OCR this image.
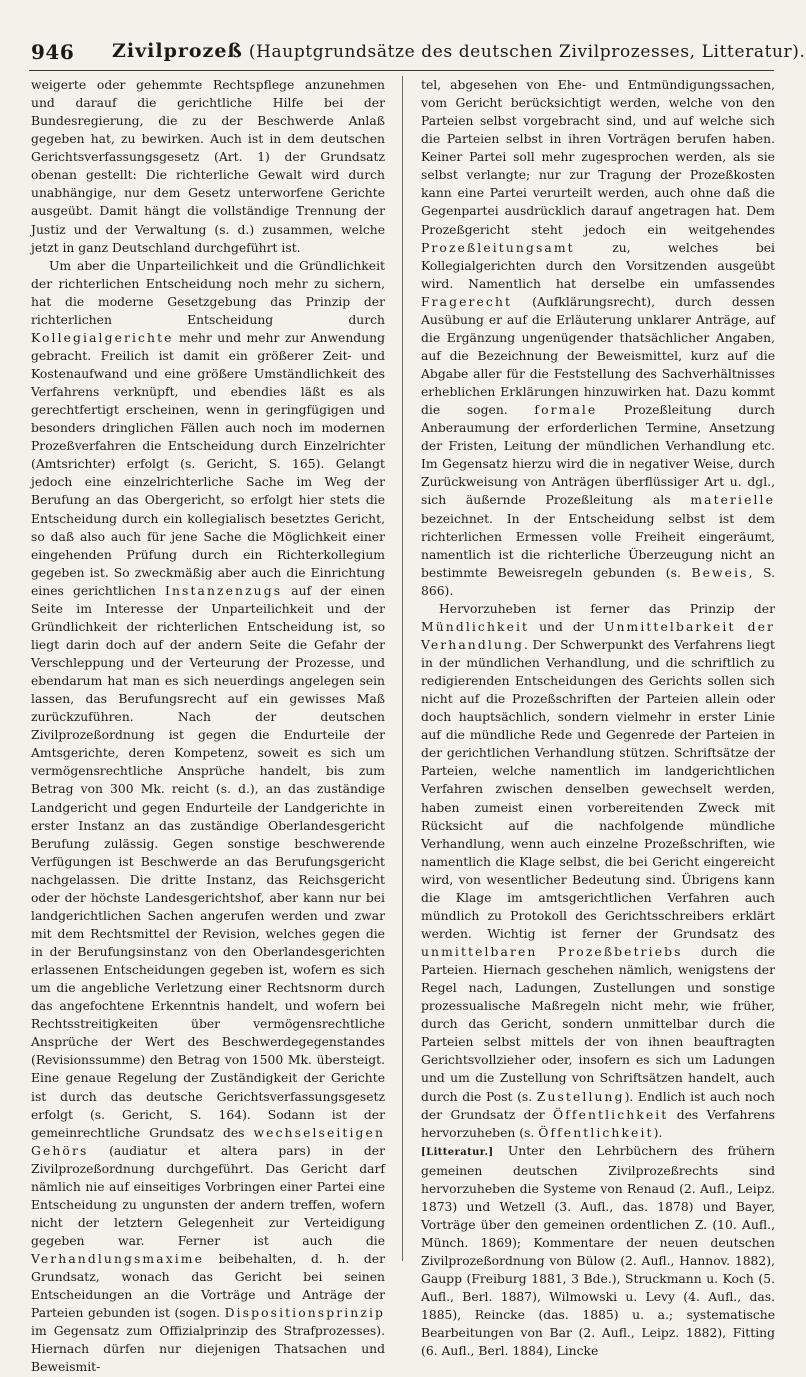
946 Zivilprozeß (Hauptgrundsätze des deutschen Zivilprozesses, Litteratur).

weigerte oder gehemmte Rechtspflege anzunehmen und darauf die gerichtliche Hilfe bei der Bundesregierung, die zu der Beschwerde Anlaß gegeben hat, zu bewirken. Auch ist in dem deutschen Gerichtsverfassungsgesetz (Art. 1) der Grundsatz obenan gestellt: Die richterliche Gewalt wird durch unabhängige, nur dem Gesetz unterworfene Gerichte ausgeübt. Damit hängt die vollständige Trennung der Justiz und der Verwaltung (s. d.) zusammen, welche jetzt in ganz Deutschland durchgeführt ist.

Um aber die Unparteilichkeit und die Gründlichkeit der richterlichen Entscheidung noch mehr zu sichern, hat die moderne Gesetzgebung das Prinzip der richterlichen Entscheidung durch Kollegialgerichte mehr und mehr zur Anwendung gebracht. Freilich ist damit ein größerer Zeit- und Kostenaufwand und eine größere Umständlichkeit des Verfahrens verknüpft, und ebendies läßt es als gerechtfertigt erscheinen, wenn in geringfügigen und besonders dringlichen Fällen auch noch im modernen Prozeßverfahren die Entscheidung durch Einzelrichter (Amtsrichter) erfolgt (s. Gericht, S. 165). Gelangt jedoch eine einzelrichterliche Sache im Weg der Berufung an das Obergericht, so erfolgt hier stets die Entscheidung durch ein kollegialisch besetztes Gericht, so daß also auch für jene Sache die Möglichkeit einer eingehenden Prüfung durch ein Richterkollegium gegeben ist. So zweckmäßig aber auch die Einrichtung eines gerichtlichen Instanzenzugs auf der einen Seite im Interesse der Unparteilichkeit und der Gründlichkeit der richterlichen Entscheidung ist, so liegt darin doch auf der andern Seite die Gefahr der Verschleppung und der Verteurung der Prozesse, und ebendarum hat man es sich neuerdings angelegen sein lassen, das Berufungsrecht auf ein gewisses Maß zurückzuführen. Nach der deutschen Zivilprozeßordnung ist gegen die Endurteile der Amtsgerichte, deren Kompetenz, soweit es sich um vermögensrechtliche Ansprüche handelt, bis zum Betrag von 300 Mk. reicht (s. d.), an das zuständige Landgericht und gegen Endurteile der Landgerichte in erster Instanz an das zuständige Oberlandesgericht Berufung zulässig. Gegen sonstige beschwerende Verfügungen ist Beschwerde an das Berufungsgericht nachgelassen. Die dritte Instanz, das Reichsgericht oder der höchste Landesgerichtshof, aber kann nur bei landgerichtlichen Sachen angerufen werden und zwar mit dem Rechtsmittel der Revision, welches gegen die in der Berufungsinstanz von den Oberlandesgerichten erlassenen Entscheidungen gegeben ist, wofern es sich um die angebliche Verletzung einer Rechtsnorm durch das angefochtene Erkenntnis handelt, und wofern bei Rechtsstreitigkeiten über vermögensrechtliche Ansprüche der Wert des Beschwerdegegenstandes (Revisionssumme) den Betrag von 1500 Mk. übersteigt. Eine genaue Regelung der Zuständigkeit der Gerichte ist durch das deutsche Gerichtsverfassungsgesetz erfolgt (s. Gericht, S. 164). Sodann ist der gemeinrechtliche Grundsatz des wechselseitigen Gehörs (audiatur et altera pars) in der Zivilprozeßordnung durchgeführt. Das Gericht darf nämlich nie auf einseitiges Vorbringen einer Partei eine Entscheidung zu ungunsten der andern treffen, wofern nicht der letztern Gelegenheit zur Verteidigung gegeben war. Ferner ist auch die Verhandlungsmaxime beibehalten, d. h. der Grundsatz, wonach das Gericht bei seinen Entscheidungen an die Vorträge und Anträge der Parteien gebunden ist (sogen. Dispositionsprinzip im Gegensatz zum Offizialprinzip des Strafprozesses). Hiernach dürfen nur diejenigen Thatsachen und Beweismit-

tel, abgesehen von Ehe- und Entmündigungssachen, vom Gericht berücksichtigt werden, welche von den Parteien selbst vorgebracht sind, und auf welche sich die Parteien selbst in ihren Vorträgen berufen haben. Keiner Partei soll mehr zugesprochen werden, als sie selbst verlangte; nur zur Tragung der Prozeßkosten kann eine Partei verurteilt werden, auch ohne daß die Gegenpartei ausdrücklich darauf angetragen hat. Dem Prozeßgericht steht jedoch ein weitgehendes Prozeßleitungsamt zu, welches bei Kollegialgerichten durch den Vorsitzenden ausgeübt wird. Namentlich hat derselbe ein umfassendes Fragerecht (Aufklärungsrecht), durch dessen Ausübung er auf die Erläuterung unklarer Anträge, auf die Ergänzung ungenügender thatsächlicher Angaben, auf die Bezeichnung der Beweismittel, kurz auf die Abgabe aller für die Feststellung des Sachverhältnisses erheblichen Erklärungen hinzuwirken hat. Dazu kommt die sogen. formale Prozeßleitung durch Anberaumung der erforderlichen Termine, Ansetzung der Fristen, Leitung der mündlichen Verhandlung etc. Im Gegensatz hierzu wird die in negativer Weise, durch Zurückweisung von Anträgen überflüssiger Art u. dgl., sich äußernde Prozeßleitung als materielle bezeichnet. In der Entscheidung selbst ist dem richterlichen Ermessen volle Freiheit eingeräumt, namentlich ist die richterliche Überzeugung nicht an bestimmte Beweisregeln gebunden (s. Beweis, S. 866).

Hervorzuheben ist ferner das Prinzip der Mündlichkeit und der Unmittelbarkeit der Verhandlung. Der Schwerpunkt des Verfahrens liegt in der mündlichen Verhandlung, und die schriftlich zu redigierenden Entscheidungen des Gerichts sollen sich nicht auf die Prozeßschriften der Parteien allein oder doch hauptsächlich, sondern vielmehr in erster Linie auf die mündliche Rede und Gegenrede der Parteien in der gerichtlichen Verhandlung stützen. Schriftsätze der Parteien, welche namentlich im landgerichtlichen Verfahren zwischen denselben gewechselt werden, haben zumeist einen vorbereitenden Zweck mit Rücksicht auf die nachfolgende mündliche Verhandlung, wenn auch einzelne Prozeßschriften, wie namentlich die Klage selbst, die bei Gericht eingereicht wird, von wesentlicher Bedeutung sind. Übrigens kann die Klage im amtsgerichtlichen Verfahren auch mündlich zu Protokoll des Gerichtsschreibers erklärt werden. Wichtig ist ferner der Grundsatz des unmittelbaren Prozeßbetriebs durch die Parteien. Hiernach geschehen nämlich, wenigstens der Regel nach, Ladungen, Zustellungen und sonstige prozessualische Maßregeln nicht mehr, wie früher, durch das Gericht, sondern unmittelbar durch die Parteien selbst mittels der von ihnen beauftragten Gerichtsvollzieher oder, insofern es sich um Ladungen und um die Zustellung von Schriftsätzen handelt, auch durch die Post (s. Zustellung). Endlich ist auch noch der Grundsatz der Öffentlichkeit des Verfahrens hervorzuheben (s. Öffentlichkeit).

[Litteratur.] Unter den Lehrbüchern des frühern gemeinen deutschen Zivilprozeßrechts sind hervorzuheben die Systeme von Renaud (2. Aufl., Leipz. 1873) und Wetzell (3. Aufl., das. 1878) und Bayer, Vorträge über den gemeinen ordentlichen Z. (10. Aufl., Münch. 1869); Kommentare der neuen deutschen Zivilprozeßordnung von Bülow (2. Aufl., Hannov. 1882), Gaupp (Freiburg 1881, 3 Bde.), Struckmann u. Koch (5. Aufl., Berl. 1887), Wilmowski u. Levy (4. Aufl., das. 1885), Reincke (das. 1885) u. a.; systematische Bearbeitungen von Bar (2. Aufl., Leipz. 1882), Fitting (6. Aufl., Berl. 1884), Lincke
